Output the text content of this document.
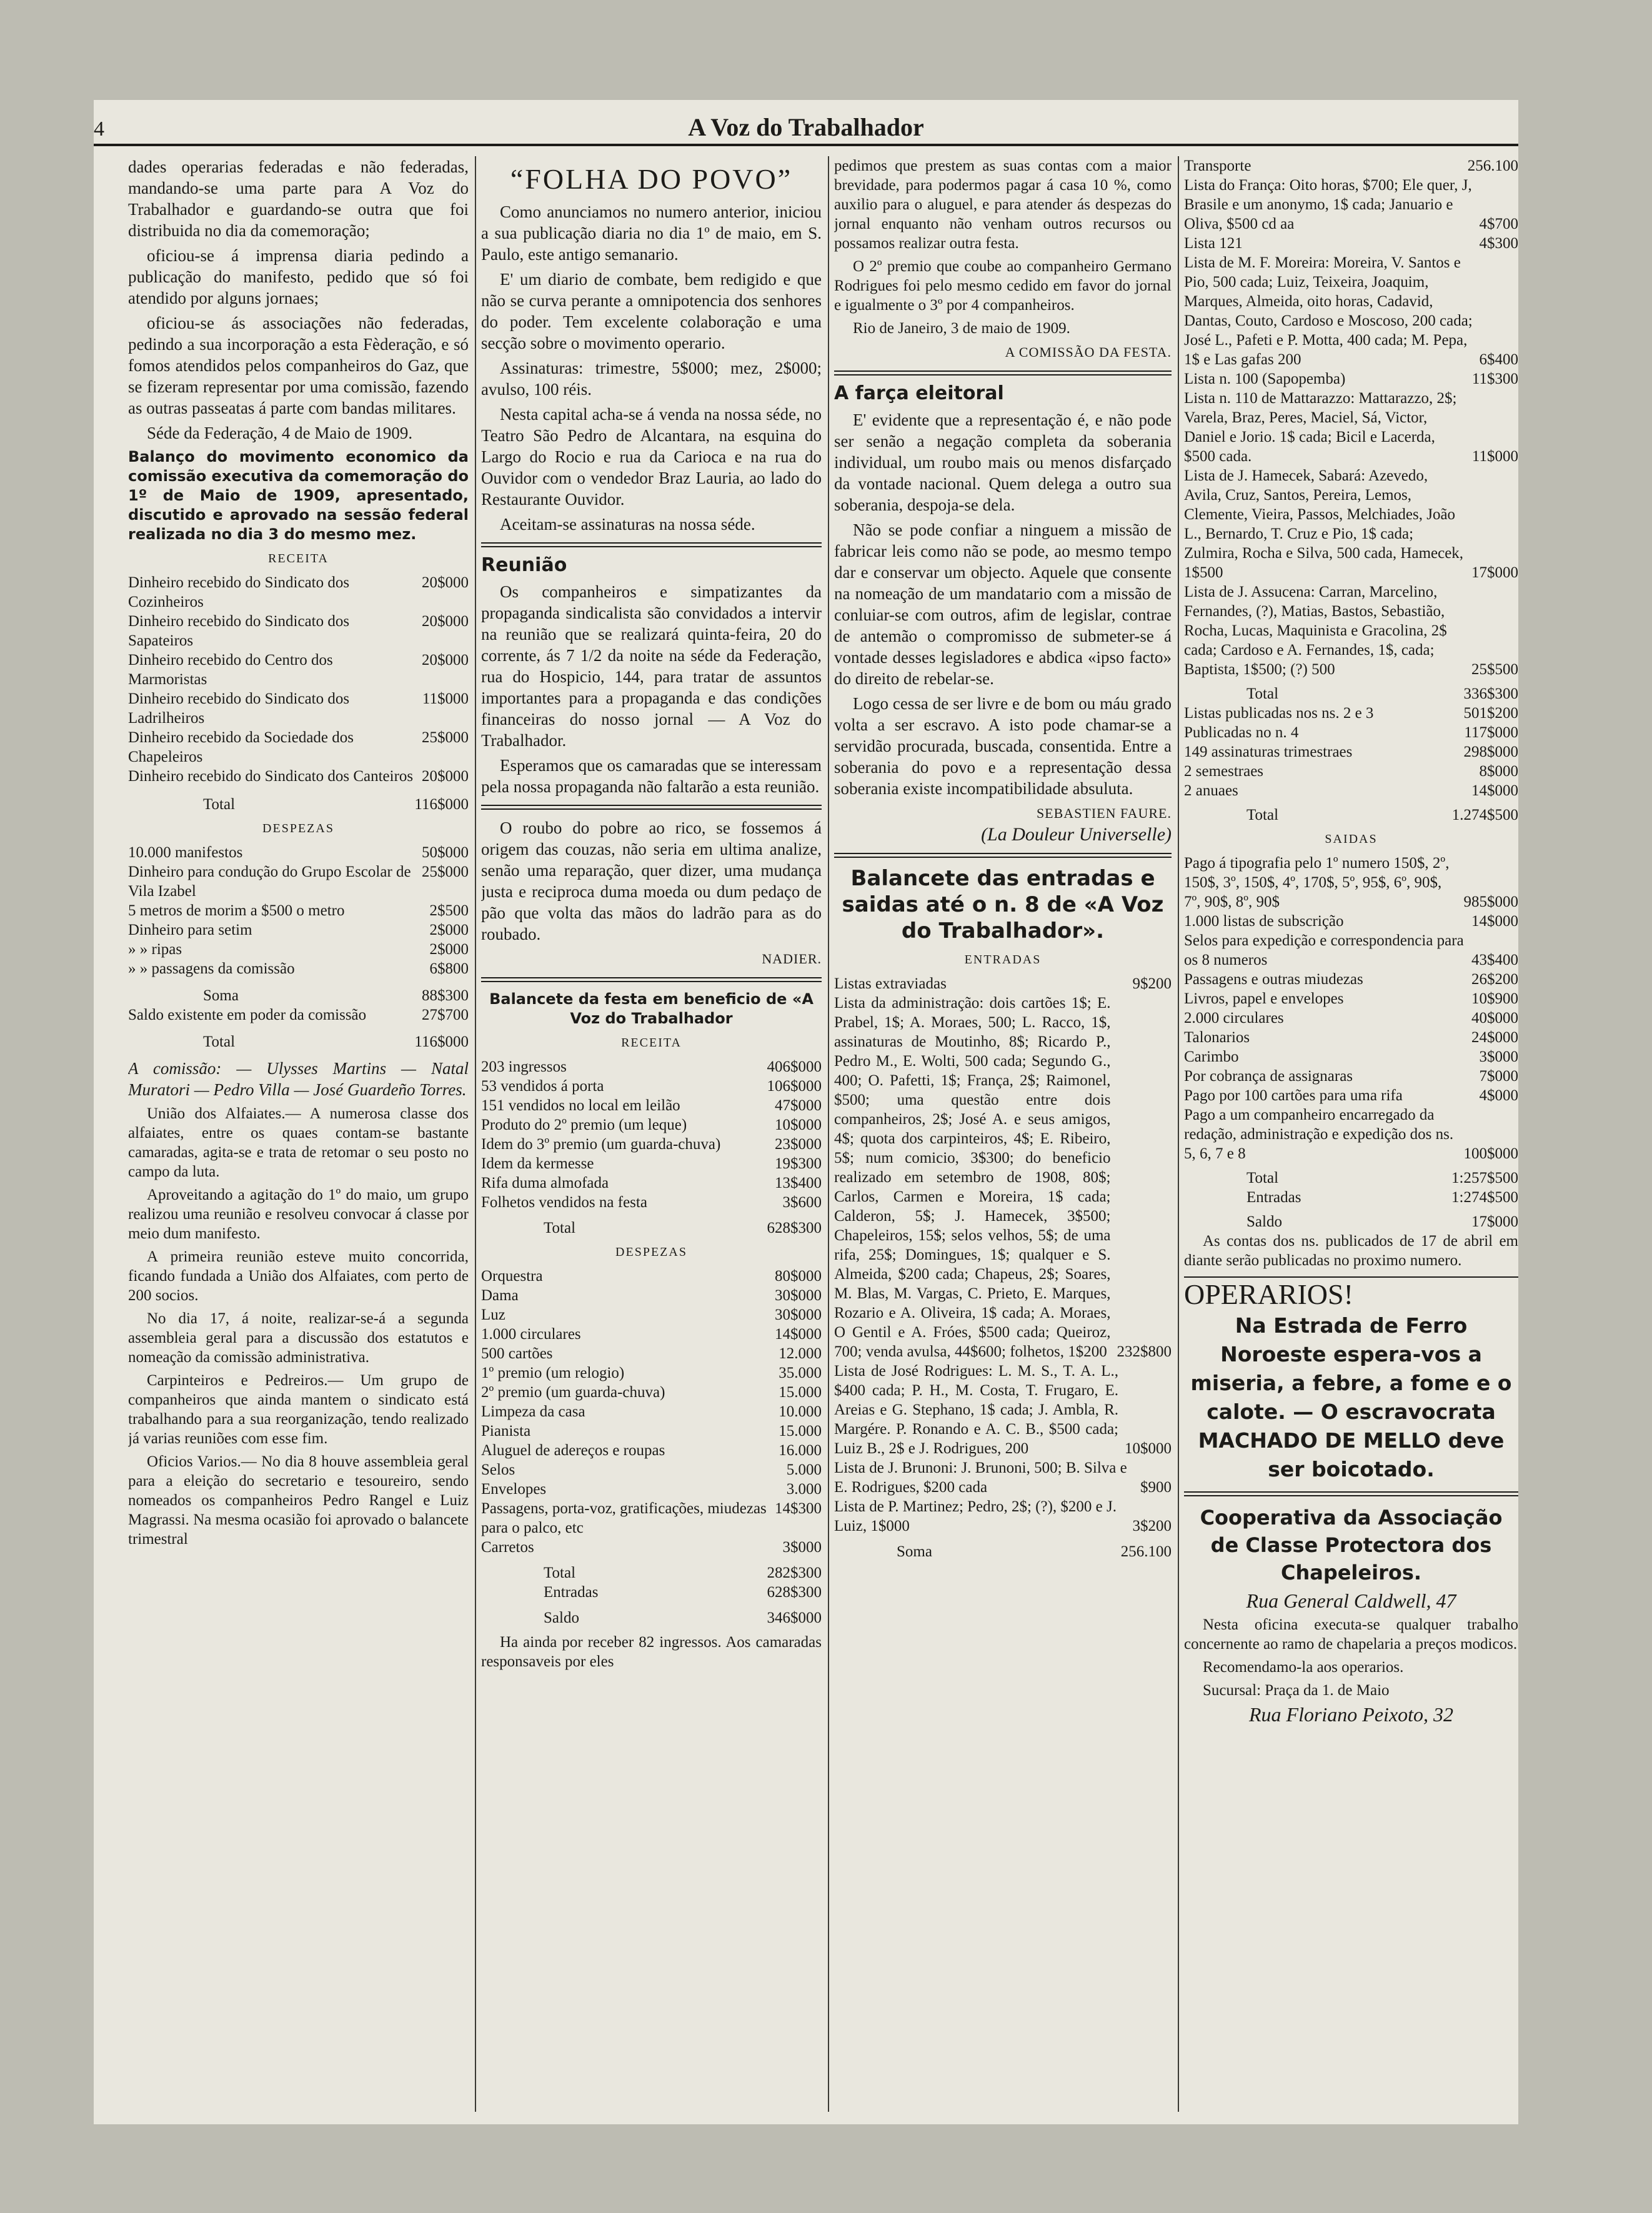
4	A Voz do Trabalhador

dades operarias federadas e não federadas, mandando-se uma parte para A Voz do Trabalhador e guardando-se outra que foi distribuida no dia da comemoração;

oficiou-se á imprensa diaria pedindo a publicação do manifesto, pedido que só foi atendido por alguns jornaes;

oficiou-se ás associações não federadas, pedindo a sua incorporação a esta Fèderação, e só fomos atendidos pelos companheiros do Gaz, que se fizeram representar por uma comissão, fazendo as outras passeatas á parte com bandas militares.

Séde da Federação, 4 de Maio de 1909.

Balanço do movimento economico da comissão executiva da comemoração do 1º de Maio de 1909, apresentado, discutido e aprovado na sessão federal realizada no dia 3 do mesmo mez.

RECEITA
Dinheiro recebido do Sindicato dos Cozinheiros
20$000
Dinheiro recebido do Sindicato dos Sapateiros
20$000
Dinheiro recebido do Centro dos Marmoristas
20$000
Dinheiro recebido do Sindicato dos Ladrilheiros
11$000
Dinheiro recebido da Sociedade dos Chapeleiros
25$000
Dinheiro recebido do Sindicato dos Canteiros 20$000
Total	116$000
DESPEZAS
10.000 manifestos	50$000
Dinheiro para condução do Grupo Escolar de Vila Izabel
25$000
5 metros de morim a $500 o metro	2$500
Dinheiro para setim	2$000
» » ripas	2$000
» » passagens da comissão	6$800
Soma	88$300
Saldo existente em poder da comissão	27$700
Total	116$000

A comissão: — Ulysses Martins — Natal Muratori — Pedro Villa — José Guardeño Torres.

União dos Alfaiates.— A numerosa classe dos alfaiates, entre os quaes contam-se bastante camaradas, agita-se e trata de retomar o seu posto no campo da luta.

Aproveitando a agitação do 1º do maio, um grupo realizou uma reunião e resolveu convocar á classe por meio dum manifesto.

A primeira reunião esteve muito concorrida, ficando fundada a União dos Alfaiates, com perto de 200 socios.

No dia 17, á noite, realizar-se-á a segunda assembleia geral para a discussão dos estatutos e nomeação da comissão administrativa.

Carpinteiros e Pedreiros.— Um grupo de companheiros que ainda mantem o sindicato está trabalhando para a sua reorganização, tendo realizado já varias reuniões com esse fim.

Oficios Varios.— No dia 8 houve assembleia geral para a eleição do secretario e tesoureiro, sendo nomeados os companheiros Pedro Rangel e Luiz Magrassi. Na mesma ocasião foi aprovado o balancete trimestral

“FOLHA DO POVO”

Como anunciamos no numero anterior, iniciou a sua publicação diaria no dia 1º de maio, em S. Paulo, este antigo semanario.

E' um diario de combate, bem redigido e que não se curva perante a omnipotencia dos senhores do poder. Tem excelente colaboração e uma secção sobre o movimento operario.

Assinaturas: trimestre, 5$000; mez, 2$000; avulso, 100 réis.

Nesta capital acha-se á venda na nossa séde, no Teatro São Pedro de Alcantara, na esquina do Largo do Rocio e rua da Carioca e na rua do Ouvidor com o vendedor Braz Lauria, ao lado do Restaurante Ouvidor.

Aceitam-se assinaturas na nossa séde.

Reunião

Os companheiros e simpatizantes da propaganda sindicalista são convidados a intervir na reunião que se realizará quinta-feira, 20 do corrente, ás 7 1/2 da noite na séde da Federação, rua do Hospicio, 144, para tratar de assuntos importantes para a propaganda e das condições financeiras do nosso jornal — A Voz do Trabalhador.

Esperamos que os camaradas que se interessam pela nossa propaganda não faltarão a esta reunião.

O roubo do pobre ao rico, se fossemos á origem das couzas, não seria em ultima analize, senão uma reparação, quer dizer, uma mudança justa e reciproca duma moeda ou dum pedaço de pão que volta das mãos do ladrão para as do roubado.

NADIER.

Balancete da festa em beneficio de «A Voz do Trabalhador

RECEITA
203 ingressos	406$000
53 vendidos á porta	106$000
151 vendidos no local em leilão	47$000
Produto do 2º premio (um leque)	10$000
Idem do 3º premio (um guarda-chuva)	23$000
Idem da kermesse	19$300
Rifa duma almofada	13$400
Folhetos vendidos na festa	3$600
Total	628$300
DESPEZAS
Orquestra	80$000
Dama	30$000
Luz	30$000
1.000 circulares	14$000
500 cartões	12.000
1º premio (um relogio)	35.000
2º premio (um guarda-chuva)	15.000
Limpeza da casa	10.000
Pianista	15.000
Aluguel de adereços e roupas	16.000
Selos	5.000
Envelopes	3.000
Passagens, porta-voz, gratificações, miudezas para o palco, etc
14$300
Carretos	3$000
Total	282$300
Entradas	628$300
Saldo	346$000

Ha ainda por receber 82 ingressos. Aos camaradas responsaveis por eles

pedimos que prestem as suas contas com a maior brevidade, para podermos pagar á casa 10 %, como auxilio para o aluguel, e para atender ás despezas do jornal enquanto não venham outros recursos ou possamos realizar outra festa.

O 2º premio que coube ao companheiro Germano Rodrigues foi pelo mesmo cedido em favor do jornal e igualmente o 3º por 4 companheiros.

Rio de Janeiro, 3 de maio de 1909.

A COMISSÃO DA FESTA.
A farça eleitoral

E' evidente que a representação é, e não pode ser senão a negação completa da soberania individual, um roubo mais ou menos disfarçado da vontade nacional. Quem delega a outro sua soberania, despoja-se dela.

Não se pode confiar a ninguem a missão de fabricar leis como não se pode, ao mesmo tempo dar e conservar um objecto. Aquele que consente na nomeação de um mandatario com a missão de conluiar-se com outros, afim de legislar, contrae de antemão o compromisso de submeter-se á vontade desses legisladores e abdica «ipso facto» do direito de rebelar-se.

Logo cessa de ser livre e de bom ou máu grado volta a ser escravo. A isto pode chamar-se a servidão procurada, buscada, consentida. Entre a soberania do povo e a representação dessa soberania existe incompatibilidade absuluta.

SEBASTIEN FAURE.
(La Douleur Universelle)
Balancete das entradas e saidas até o n. 8 de «A Voz do Trabalhador».
ENTRADAS
Listas extraviadas	9$200
Lista da administração: dois cartões 1$; E. Prabel, 1$; A. Moraes, 500; L. Racco, 1$, assinaturas de Moutinho, 8$; Ricardo P., Pedro M., E. Wolti, 500 cada; Segundo G., 400; O. Pafetti, 1$; França, 2$; Raimonel, $500; uma questão entre dois companheiros, 2$; José A. e seus amigos, 4$; quota dos carpinteiros, 4$; E. Ribeiro, 5$; num comicio, 3$300; do beneficio realizado em setembro de 1908, 80$; Carlos, Carmen e Moreira, 1$ cada; Calderon, 5$; J. Hamecek, 3$500; Chapeleiros, 15$; selos velhos, 5$; de uma rifa, 25$; Domingues, 1$; qualquer e S. Almeida, $200 cada; Chapeus, 2$; Soares, M. Blas, M. Vargas, C. Prieto, E. Marques, Rozario e A. Oliveira, 1$ cada; A. Moraes, O Gentil e A. Fróes, $500 cada; Queiroz, 700; venda avulsa, 44$600; folhetos, 1$200 232$800
Lista de José Rodrigues: L. M. S., T. A. L., $400 cada; P. H., M. Costa, T. Frugaro, E. Areias e G. Stephano, 1$ cada; J. Ambla, R. Margére. P. Ronando e A. C. B., $500 cada; Luiz B., 2$ e J. Rodrigues, 200	10$000
Lista de J. Brunoni: J. Brunoni, 500; B. Silva e E. Rodrigues, $200 cada	$900
Lista de P. Martinez; Pedro, 2$; (?), $200 e J. Luiz, 1$000	3$200
Soma	256.100
Transporte	256.100
Lista do França: Oito horas, $700; Ele quer, J, Brasile e um anonymo, 1$ cada; Januario e Oliva, $500 cd aa	4$700
Lista 121	4$300
Lista de M. F. Moreira: Moreira, V. Santos e Pio, 500 cada; Luiz, Teixeira, Joaquim, Marques, Almeida, oito horas, Cadavid, Dantas, Couto, Cardoso e Moscoso, 200 cada; José L., Pafeti e P. Motta, 400 cada; M. Pepa, 1$ e Las gafas 200	6$400
Lista n. 100 (Sapopemba)	11$300
Lista n. 110 de Mattarazzo: Mattarazzo, 2$; Varela, Braz, Peres, Maciel, Sá, Victor, Daniel e Jorio. 1$ cada; Bicil e Lacerda, $500 cada.	11$000
Lista de J. Hamecek, Sabará: Azevedo, Avila, Cruz, Santos, Pereira, Lemos, Clemente, Vieira, Passos, Melchiades, João L., Bernardo, T. Cruz e Pio, 1$ cada; Zulmira, Rocha e Silva, 500 cada, Hamecek, 1$500	17$000
Lista de J. Assucena: Carran, Marcelino, Fernandes, (?), Matias, Bastos, Sebastião, Rocha, Lucas, Maquinista e Gracolina, 2$ cada; Cardoso e A. Fernandes, 1$, cada; Baptista, 1$500; (?) 500	25$500
Total	336$300
Listas publicadas nos ns. 2 e 3	501$200
Publicadas no n. 4	117$000
149 assinaturas trimestraes	298$000
2 semestraes	8$000
2 anuaes	14$000
Total	1.274$500
SAIDAS
Pago á tipografia pelo 1º numero 150$, 2º, 150$, 3º, 150$, 4º, 170$, 5º, 95$, 6º, 90$, 7º, 90$, 8º, 90$	985$000
1.000 listas de subscrição	14$000
Selos para expedição e correspondencia para os 8 numeros	43$400
Passagens e outras miudezas	26$200
Livros, papel e envelopes	10$900
2.000 circulares	40$000
Talonarios	24$000
Carimbo	3$000
Por cobrança de assignaras	7$000
Pago por 100 cartões para uma rifa	4$000
Pago a um companheiro encarregado da redação, administração e expedição dos ns. 5, 6, 7 e 8	100$000
Total	1:257$500
Entradas	1:274$500
Saldo	17$000

As contas dos ns. publicados de 17 de abril em diante serão publicadas no proximo numero.

OPERARIOS!

Na Estrada de Ferro Noroeste espera-vos a miseria, a febre, a fome e o calote. — O escravocrata MACHADO DE MELLO deve ser boicotado.

Cooperativa da Associação de Classe Protectora dos Chapeleiros.
Rua General Caldwell, 47

Nesta oficina executa-se qualquer trabalho concernente ao ramo de chapelaria a preços modicos.

Recomendamo-la aos operarios.

Sucursal: Praça da 1. de Maio

Rua Floriano Peixoto, 32
